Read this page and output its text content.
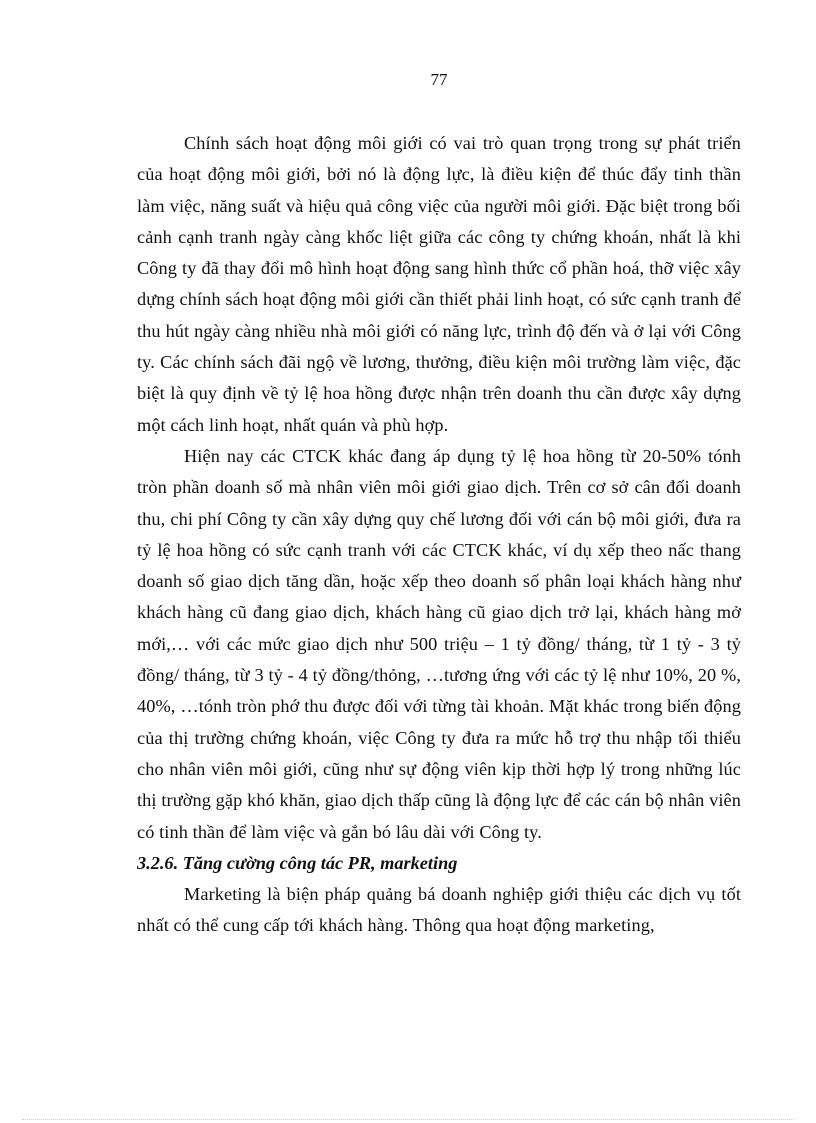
77

Chính sách hoạt động môi giới có vai trò quan trọng trong sự phát triển của hoạt động môi giới, bởi nó là động lực, là điều kiện để thúc đẩy tinh thần làm việc, năng suất và hiệu quả công việc của người môi giới. Đặc biệt trong bối cảnh cạnh tranh ngày càng khốc liệt giữa các công ty chứng khoán, nhất là khi Công ty đã thay đổi mô hình hoạt động sang hình thức cổ phần hoá, thỡ việc xây dựng chính sách hoạt động môi giới cần thiết phải linh hoạt, có sức cạnh tranh để thu hút ngày càng nhiều nhà môi giới có năng lực, trình độ đến và ở lại với Công ty. Các chính sách đãi ngộ về lương, thưởng, điều kiện môi trường làm việc, đặc biệt là quy định về tỷ lệ hoa hồng được nhận trên doanh thu cần được xây dựng một cách linh hoạt, nhất quán và phù hợp.

Hiện nay các CTCK khác đang áp dụng tỷ lệ hoa hồng từ 20-50% tónh tròn phần doanh số mà nhân viên môi giới giao dịch. Trên cơ sở cân đối doanh thu, chi phí Công ty cần xây dựng quy chế lương đối với cán bộ môi giới, đưa ra tỷ lệ hoa hồng có sức cạnh tranh với các CTCK khác, ví dụ xếp theo nấc thang doanh số giao dịch tăng dần, hoặc xếp theo doanh số phân loại khách hàng như khách hàng cũ đang giao dịch, khách hàng cũ giao dịch trở lại, khách hàng mở mới,… với các mức giao dịch như 500 triệu – 1 tỷ đồng/ tháng, từ 1 tỷ - 3 tỷ đồng/ tháng, từ 3 tỷ - 4 tỷ đồng/thỏng, …tương ứng với các tỷ lệ như 10%, 20 %, 40%, …tónh tròn phớ thu được đối với từng tài khoản. Mặt khác trong biến động của thị trường chứng khoán, việc Công ty đưa ra mức hỗ trợ thu nhập tối thiểu cho nhân viên môi giới, cũng như sự động viên kịp thời hợp lý trong những lúc thị trường gặp khó khăn, giao dịch thấp cũng là động lực để các cán bộ nhân viên có tinh thần để làm việc và gắn bó lâu dài với Công ty.

3.2.6. Tăng cường công tác PR, marketing

Marketing là biện pháp quảng bá doanh nghiệp giới thiệu các dịch vụ tốt nhất có thể cung cấp tới khách hàng. Thông qua hoạt động marketing,
